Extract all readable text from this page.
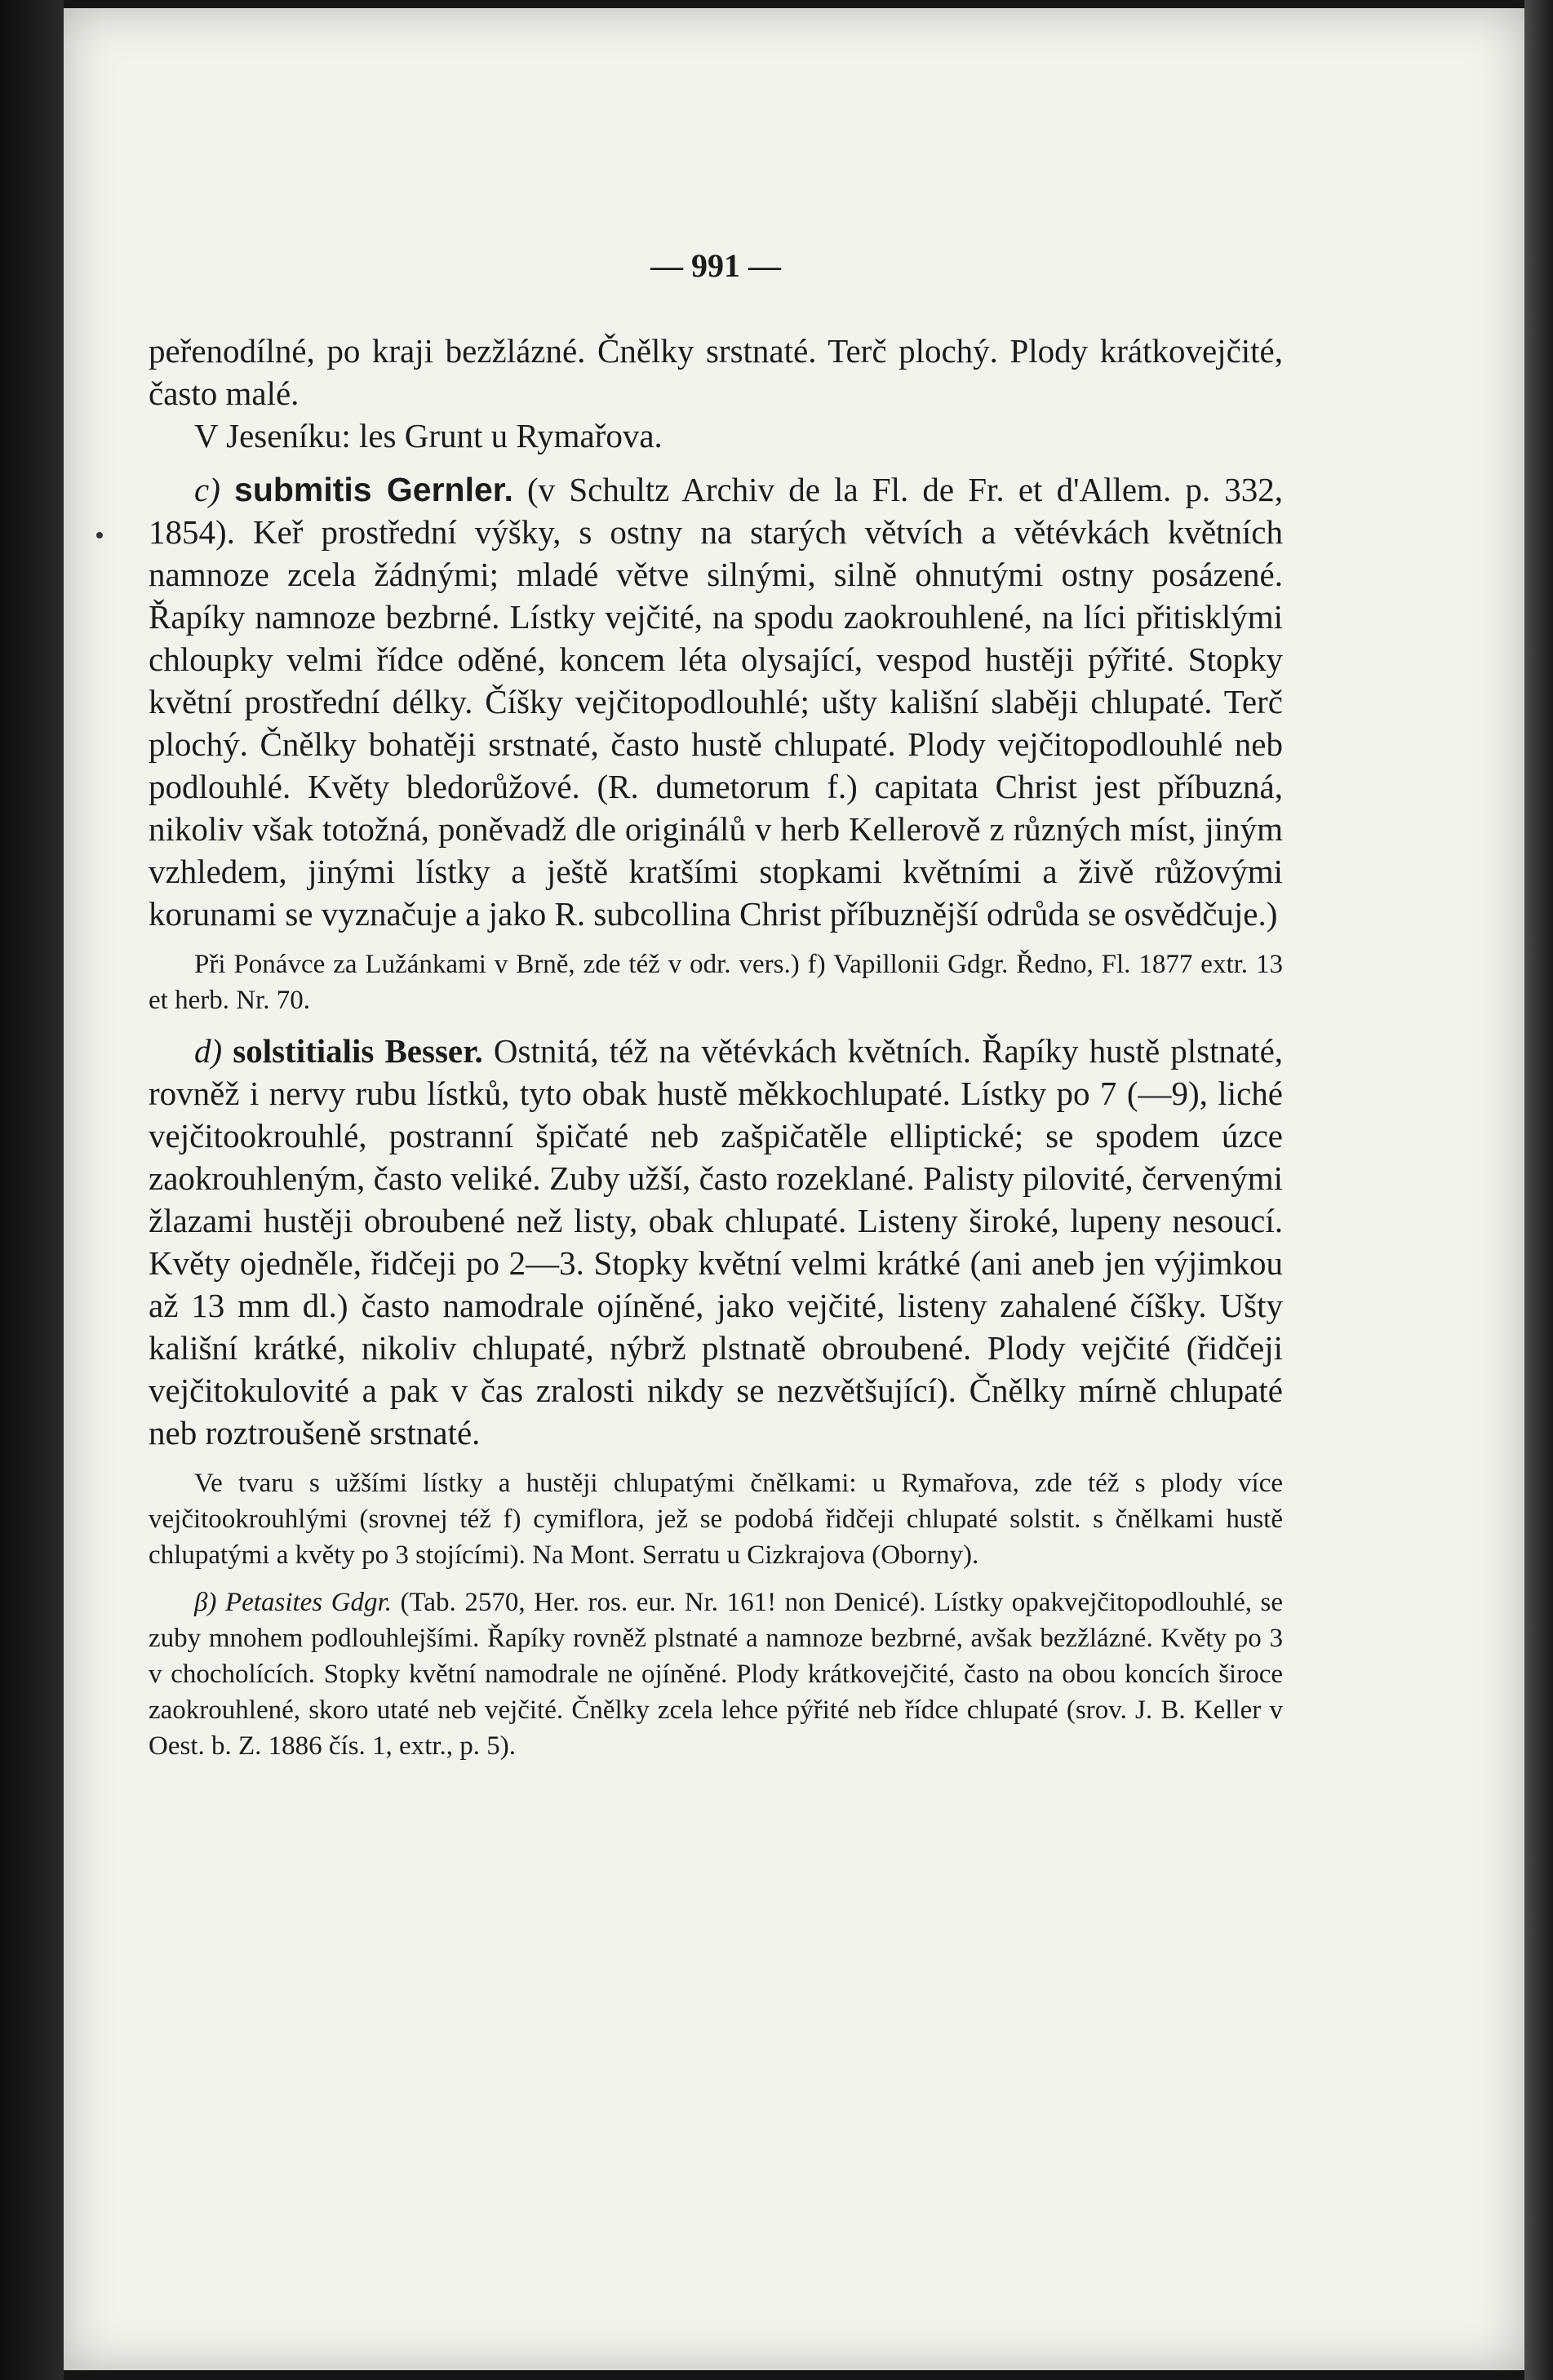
— 991 —

peřenodílné, po kraji bezžlázné. Čnělky srstnaté. Terč plochý. Plody krátkovejčité, často malé.

V Jeseníku: les Grunt u Rymařova.

c) submitis Gernler. (v Schultz Archiv de la Fl. de Fr. et d'Allem. p. 332, 1854). Keř prostřední výšky, s ostny na starých větvích a větévkách květních namnoze zcela žádnými; mladé větve silnými, silně ohnutými ostny posázené. Řapíky namnoze bezbrné. Lístky vejčité, na spodu zaokrouhlené, na líci přitisklými chloupky velmi řídce oděné, koncem léta olysající, vespod hustěji pýřité. Stopky květní prostřední délky. Číšky vejčitopodlouhlé; ušty kališní slaběji chlupaté. Terč plochý. Čnělky bohatěji srstnaté, často hustě chlupaté. Plody vejčitopodlouhlé neb podlouhlé. Květy bledorůžové. (R. dumetorum f.) capitata Christ jest příbuzná, nikoliv však totožná, poněvadž dle originálů v herb Kellerově z různých míst, jiným vzhledem, jinými lístky a ještě kratšími stopkami květními a živě růžovými korunami se vyznačuje a jako R. subcollina Christ příbuznější odrůda se osvědčuje.)

Při Ponávce za Lužánkami v Brně, zde též v odr. vers.) f) Vapillonii Gdgr. Ředno, Fl. 1877 extr. 13 et herb. Nr. 70.

d) solstitialis Besser. Ostnitá, též na větévkách květních. Řapíky hustě plstnaté, rovněž i nervy rubu lístků, tyto obak hustě měkkochlupaté. Lístky po 7 (—9), liché vejčitookrouhlé, postranní špičaté neb zašpičatěle elliptické; se spodem úzce zaokrouhleným, často veliké. Zuby užší, často rozeklané. Palisty pilovité, červenými žlazami hustěji obroubené než listy, obak chlupaté. Listeny široké, lupeny nesoucí. Květy ojedněle, řidčeji po 2—3. Stopky květní velmi krátké (ani aneb jen výjimkou až 13 mm dl.) často namodrale ojíněné, jako vejčité, listeny zahalené číšky. Ušty kališní krátké, nikoliv chlupaté, nýbrž plstnatě obroubené. Plody vejčité (řidčeji vejčitokulovité a pak v čas zralosti nikdy se nezvětšující). Čnělky mírně chlupaté neb roztroušeně srstnaté.

Ve tvaru s užšími lístky a hustěji chlupatými čnělkami: u Rymařova, zde též s plody více vejčitookrouhlými (srovnej též f) cymiflora, jež se podobá řidčeji chlupaté solstit. s čnělkami hustě chlupatými a květy po 3 stojícími). Na Mont. Serratu u Cizkrajova (Oborny).

β) Petasites Gdgr. (Tab. 2570, Her. ros. eur. Nr. 161! non Deniсé). Lístky opakvejčitopodlouhlé, se zuby mnohem podlouhlejšími. Řapíky rovněž plstnaté a namnoze bezbrné, avšak bezžlázné. Květy po 3 v chocholících. Stopky květní namodrale ne ojíněné. Plody krátkovejčité, často na obou koncích široce zaokrouhlené, skoro utaté neb vejčité. Čnělky zcela lehce pýřité neb řídce chlupaté (srov. J. B. Keller v Oest. b. Z. 1886 čís. 1, extr., p. 5).
